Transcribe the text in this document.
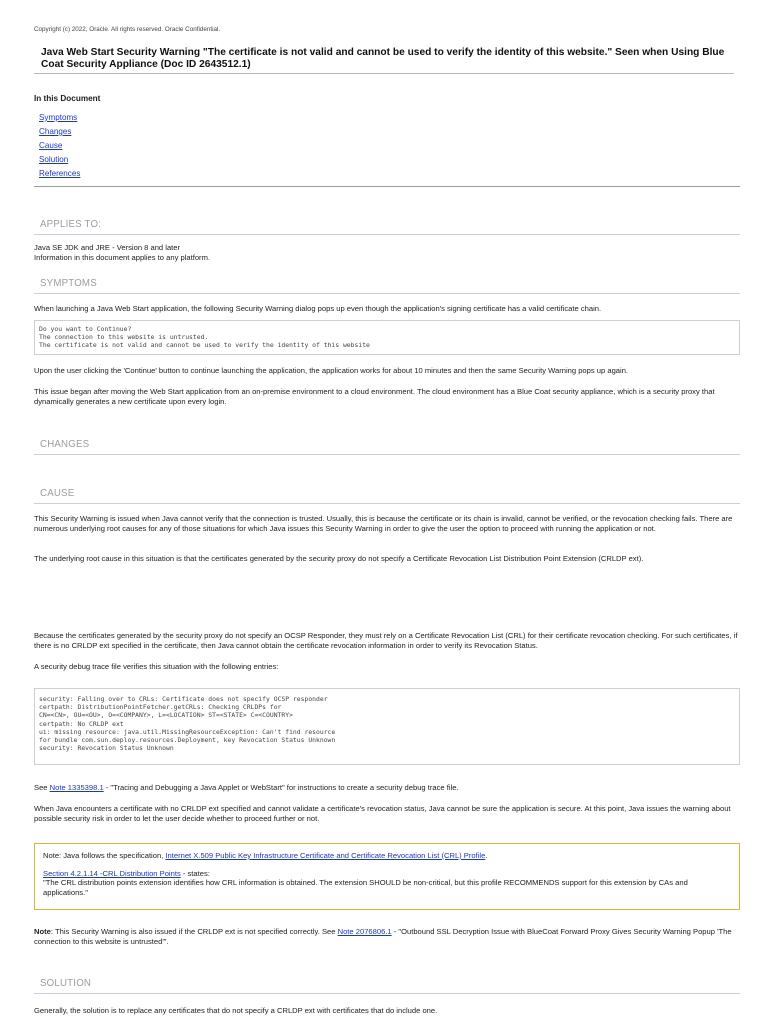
Copyright (c) 2022, Oracle. All rights reserved. Oracle Confidential.
Java Web Start Security Warning "The certificate is not valid and cannot be used to verify the identity of this website." Seen when Using Blue Coat Security Appliance (Doc ID 2643512.1)
In this Document
Symptoms
Changes
Cause
Solution
References
APPLIES TO:

Java SE JDK and JRE - Version 8 and later

Information in this document applies to any platform.

SYMPTOMS
When launching a Java Web Start application, the following Security Warning dialog pops up even though the application's signing certificate has a valid certificate chain.
Do you want to Continue?
The connection to this website is untrusted.
The certificate is not valid and cannot be used to verify the identity of this website
Upon the user clicking the 'Continue' button to continue launching the application, the application works for about 10 minutes and then the same Security Warning pops up again.
This issue began after moving the Web Start application from an on-premise environment to a cloud environment. The cloud environment has a Blue Coat security appliance, which is a security proxy that dynamically generates a new certificate upon every login.
CHANGES
CAUSE
This Security Warning is issued when Java cannot verify that the connection is trusted. Usually, this is because the certificate or its chain is invalid, cannot be verified, or the revocation checking fails. There are numerous underlying root causes for any of those situations for which Java issues this Security Warning in order to give the user the option to proceed with running the application or not.
The underlying root cause in this situation is that the certificates generated by the security proxy do not specify a Certificate Revocation List Distribution Point Extension (CRLDP ext).
Because the certificates generated by the security proxy do not specify an OCSP Responder, they must rely on a Certificate Revocation List (CRL) for their certificate revocation checking. For such certificates, if there is no CRLDP ext specified in the certificate, then Java cannot obtain the certificate revocation information in order to verify its Revocation Status.
A security debug trace file verifies this situation with the following entries:
security: Falling over to CRLs: Certificate does not specify OCSP responder
certpath: DistributionPointFetcher.getCRLs: Checking CRLDPs for
CN=<CN>, OU=<OU>, O=<COMPANY>, L=<LOCATION> ST=<STATE> C=<COUNTRY>
certpath: No CRLDP ext
ui: missing resource: java.util.MissingResourceException: Can't find resource
for bundle com.sun.deploy.resources.Deployment, key Revocation Status Unknown
security: Revocation Status Unknown
See Note 1335398.1 - "Tracing and Debugging a Java Applet or WebStart" for instructions to create a security debug trace file.
When Java encounters a certificate with no CRLDP ext specified and cannot validate a certificate's revocation status, Java cannot be sure the application is secure. At this point, Java issues the warning about possible security risk in order to let the user decide whether to proceed further or not.

Note: Java follows the specification, Internet X.509 Public Key Infrastructure Certificate and Certificate Revocation List (CRL) Profile.

Section 4.2.1.14 -CRL Distribution Points - states:

"The CRL distribution points extension identifies how CRL information is obtained. The extension SHOULD be non-critical, but this profile RECOMMENDS support for this extension by CAs and applications."

Note: This Security Warning is also issued if the CRLDP ext is not specified correctly. See Note 2076806.1 - "Outbound SSL Decryption Issue with BlueCoat Forward Proxy Gives Security Warning Popup 'The connection to this website is untrusted'".
SOLUTION
Generally, the solution is to replace any certificates that do not specify a CRLDP ext with certificates that do include one.
